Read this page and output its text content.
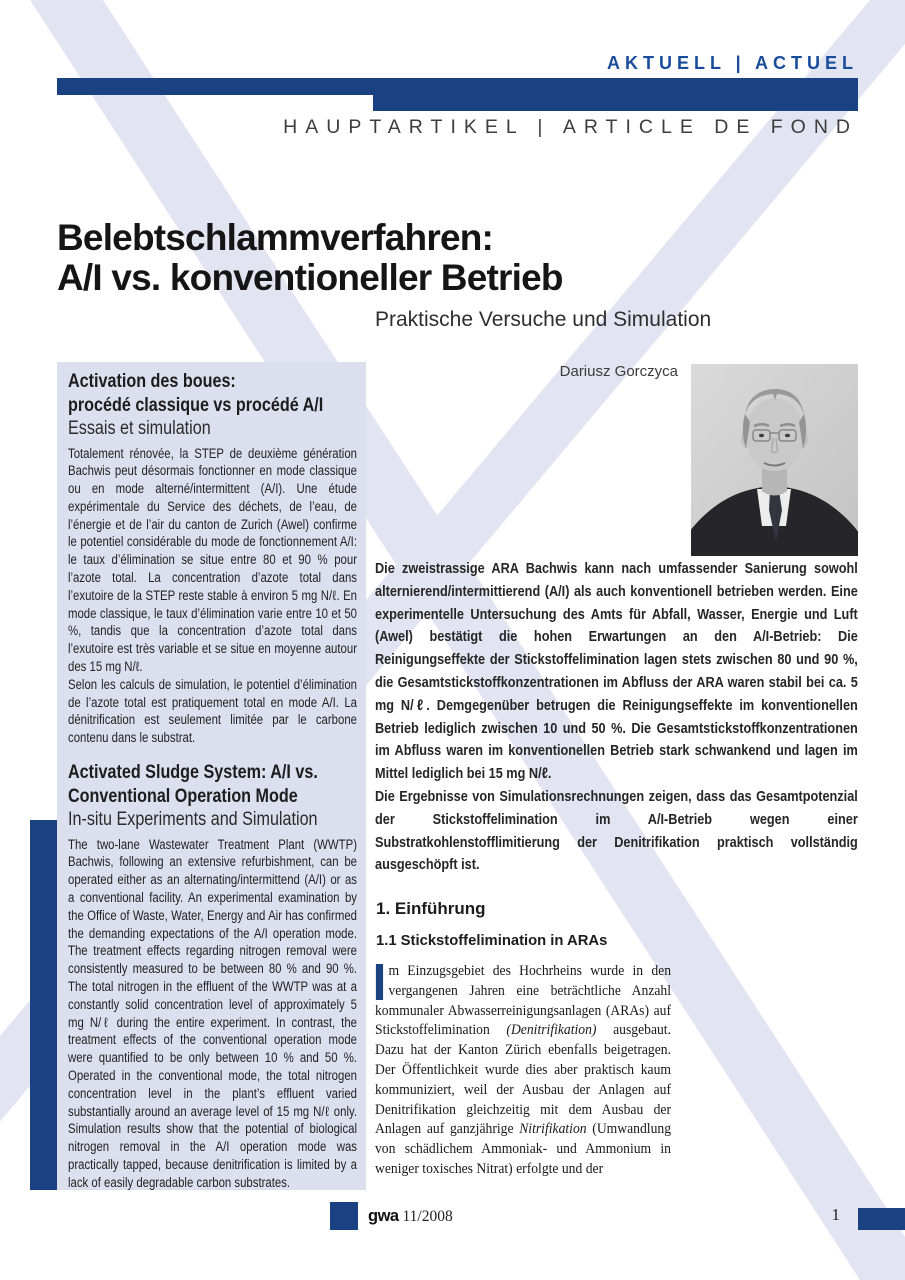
AKTUELL | ACTUEL
HAUPTARTIKEL | ARTICLE DE FOND
Belebtschlammverfahren:
A/I vs. konventioneller Betrieb
Praktische Versuche und Simulation
Dariusz Gorczyca
Activation des boues:
procédé classique vs procédé A/I
Essais et simulation

Totalement rénovée, la STEP de deuxième génération Bachwis peut désormais fonctionner en mode classique ou en mode alterné/intermittent (A/I). Une étude expérimentale du Service des déchets, de l’eau, de l’énergie et de l’air du canton de Zurich (Awel) confirme le potentiel considérable du mode de fonctionnement A/I: le taux d’élimination se situe entre 80 et 90 % pour l’azote total. La concentration d’azote total dans l’exutoire de la STEP reste stable à environ 5 mg N/ℓ. En mode classique, le taux d’élimination varie entre 10 et 50 %, tandis que la concentration d’azote total dans l’exutoire est très variable et se situe en moyenne autour des 15 mg N/ℓ.

Selon les calculs de simulation, le potentiel d’élimination de l’azote total est pratiquement total en mode A/I. La dénitrification est seulement limitée par le carbone contenu dans le substrat.

Activated Sludge System: A/I vs.
Conventional Operation Mode
In-situ Experiments and Simulation

The two-lane Wastewater Treatment Plant (WWTP) Bachwis, following an extensive refurbishment, can be operated either as an alternating/intermittend (A/I) or as a conventional facility. An experimental examination by the Office of Waste, Water, Energy and Air has confirmed the demanding expectations of the A/I operation mode. The treatment effects regarding nitrogen removal were consistently measured to be between 80 % and 90 %. The total nitrogen in the effluent of the WWTP was at a constantly solid concentration level of approximately 5 mg N/ℓ during the entire experiment. In contrast, the treatment effects of the conventional operation mode were quantified to be only between 10 % and 50 %. Operated in the conventional mode, the total nitrogen concentration level in the plant’s effluent varied substantially around an average level of 15 mg N/ℓ only. Simulation results show that the potential of biological nitrogen removal in the A/I operation mode was practically tapped, because denitrification is limited by a lack of easily degradable carbon substrates.

Die zweistrassige ARA Bachwis kann nach umfassender Sanierung sowohl alternierend/intermittierend (A/I) als auch konventionell betrieben werden. Eine experimentelle Untersuchung des Amts für Abfall, Wasser, Energie und Luft (Awel) bestätigt die hohen Erwartungen an den A/I-Betrieb: Die Reinigungseffekte der Stickstoffelimination lagen stets zwischen 80 und 90 %, die Gesamtstickstoffkonzentrationen im Abfluss der ARA waren stabil bei ca. 5 mg N/ℓ. Demgegenüber betrugen die Reinigungseffekte im konventionellen Betrieb lediglich zwischen 10 und 50 %. Die Gesamtstickstoffkonzentrationen im Abfluss waren im konventionellen Betrieb stark schwankend und lagen im Mittel lediglich bei 15 mg N/ℓ.

Die Ergebnisse von Simulationsrechnungen zeigen, dass das Gesamtpotenzial der Stickstoffelimination im A/I-Betrieb wegen einer Substratkohlenstofflimitierung der Denitrifikation praktisch vollständig ausgeschöpft ist.

1. Einführung
1.1 Stickstoffelimination in ARAs
m Einzugsgebiet des Hochrheins wurde in den vergangenen Jahren eine beträchtliche Anzahl kommunaler Abwasserreinigungsanlagen (ARAs) auf Stickstoffelimination (Denitrifikation) ausgebaut. Dazu hat der Kanton Zürich ebenfalls beigetragen. Der Öffentlichkeit wurde dies aber praktisch kaum kommuniziert, weil der Ausbau der Anlagen auf Denitrifikation gleichzeitig mit dem Ausbau der Anlagen auf ganzjährige Nitrifikation (Umwandlung von schädlichem Ammoniak- und Ammonium in weniger toxisches Nitrat) erfolgte und der
gwa 11/2008	1
